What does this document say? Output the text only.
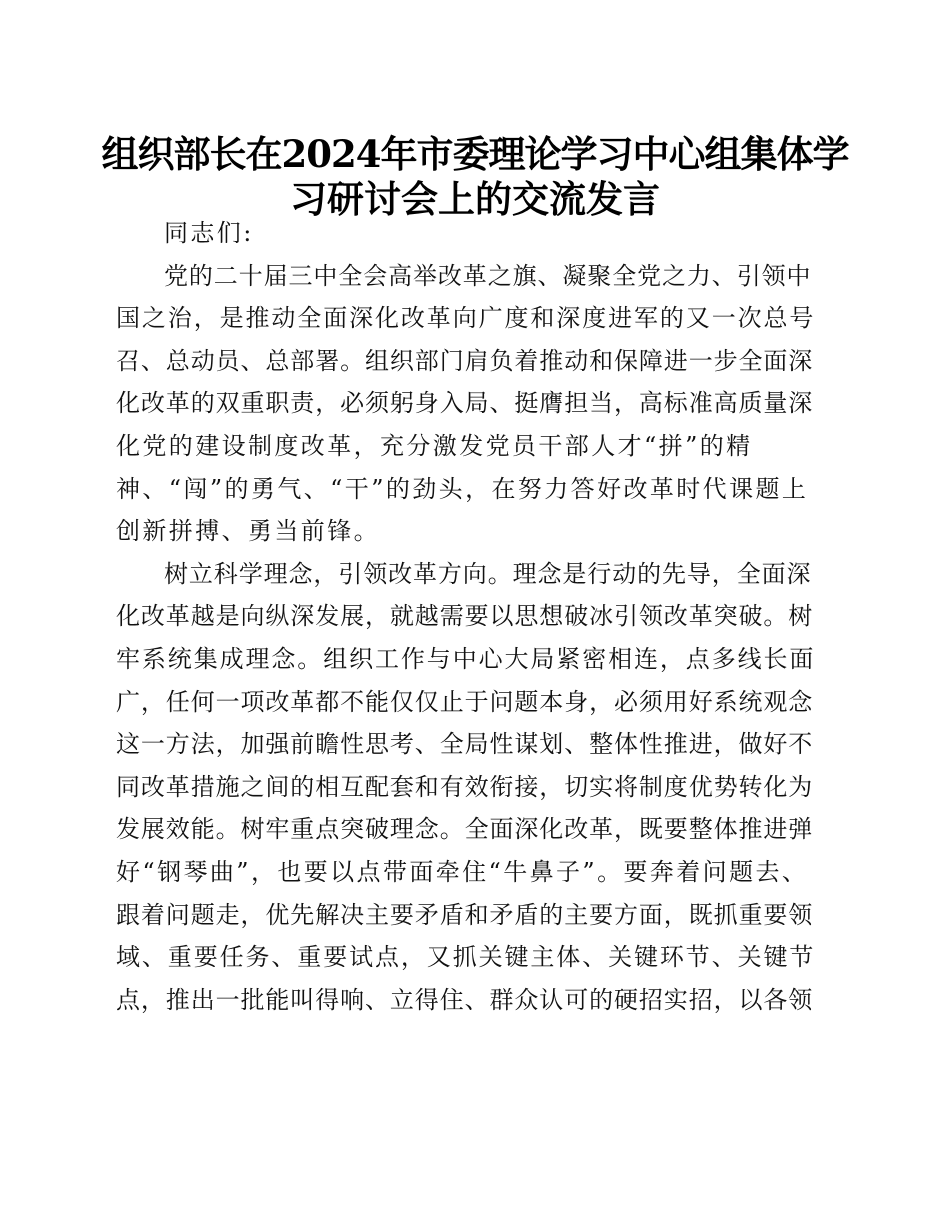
组织部长在2024年市委理论学习中心组集体学
习研讨会上的交流发言
同志们:
党的二十届三中全会高举改革之旗、凝聚全党之力、引领中
国之治，是推动全面深化改革向广度和深度进军的又一次总号
召、总动员、总部署。组织部门肩负着推动和保障进一步全面深
化改革的双重职责，必须躬身入局、挺膺担当，高标准高质量深
化党的建设制度改革，充分激发党员干部人才“拼”的精
神、“闯”的勇气、“干”的劲头，在努力答好改革时代课题上
创新拼搏、勇当前锋。
树立科学理念，引领改革方向。理念是行动的先导，全面深
化改革越是向纵深发展，就越需要以思想破冰引领改革突破。树
牢系统集成理念。组织工作与中心大局紧密相连，点多线长面
广，任何一项改革都不能仅仅止于问题本身，必须用好系统观念
这一方法，加强前瞻性思考、全局性谋划、整体性推进，做好不
同改革措施之间的相互配套和有效衔接，切实将制度优势转化为
发展效能。树牢重点突破理念。全面深化改革，既要整体推进弹
好“钢琴曲”，也要以点带面牵住“牛鼻子”。要奔着问题去、
跟着问题走，优先解决主要矛盾和矛盾的主要方面，既抓重要领
域、重要任务、重要试点，又抓关键主体、关键环节、关键节
点，推出一批能叫得响、立得住、群众认可的硬招实招，以各领
